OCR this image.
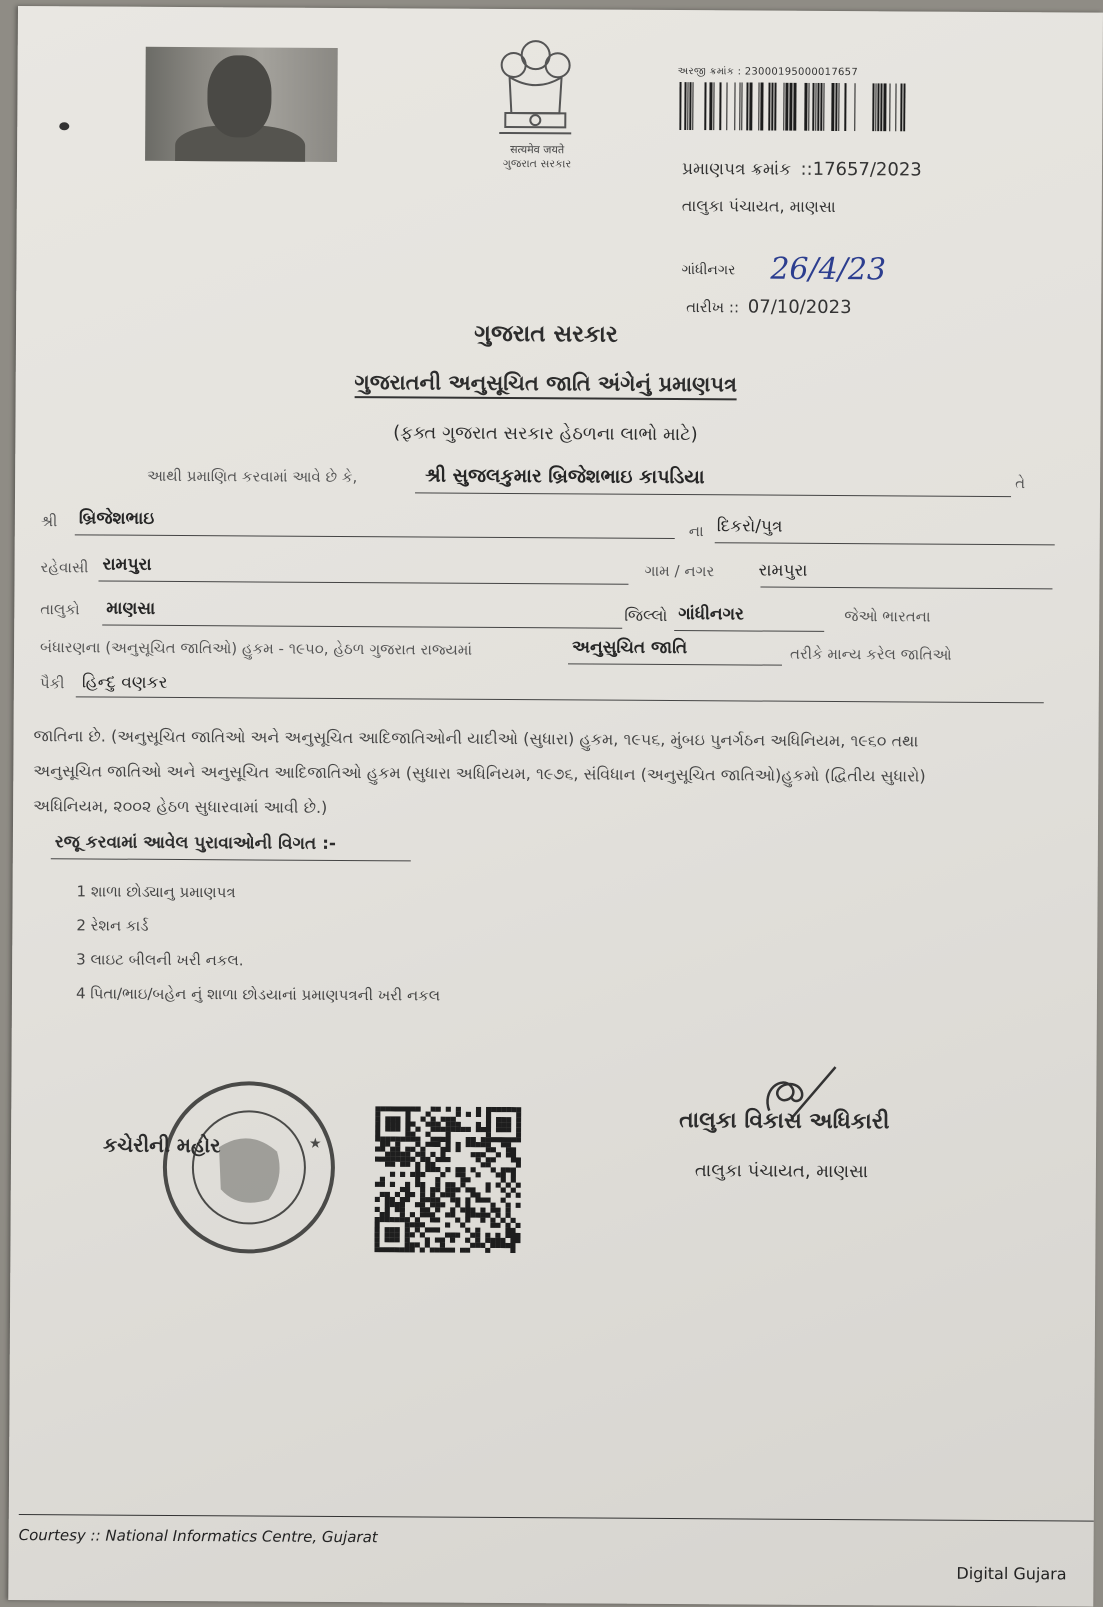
सत्यमेव जयते
ગુજરાત સરકાર
અરજી ક્રમાંક : 23000195000017657
પ્રમાણપત્ર ક્રમાંક ::17657/2023
તાલુકા પંચાયત, માણસા
ગાંધીનગર 26/4/23
તારીખ :: 07/10/2023
ગુજરાત સરકાર
ગુજરાતની અનુસૂચિત જાતિ અંગેનું પ્રમાણપત્ર
(ફક્ત ગુજરાત સરકાર હેઠળના લાભો માટે)
આથી પ્રમાણિત કરવામાં આવે છે કે,	શ્રી સુજલકુમાર બ્રિજેશભાઇ કાપડિયા	તે
શ્રી બ્રિજેશભાઇ
ના દિકરો/પુત્ર
રહેવાસી રામપુરા	ગામ / નગર	રામપુરા
તાલુકો માણસા	જિલ્લો ગાંધીનગર	જેઓ ભારતના
બંધારણના (અનુસૂચિત જાતિઓ) હુકમ - ૧૯૫૦, હેઠળ ગુજરાત રાજ્યમાં	અનુસુચિત જાતિ	તરીકે માન્ય કરેલ જાતિઓ
પૈકી હિન્દુ વણકર
જાતિના છે. (અનુસૂચિત જાતિઓ અને અનુસૂચિત આદિજાતિઓની યાદીઓ (સુધારા) હુકમ, ૧૯૫૬, મુંબઇ પુનર્ગઠન અધિનિયમ, ૧૯૬૦ તથા
અનુસૂચિત જાતિઓ અને અનુસૂચિત આદિજાતિઓ હુકમ (સુધારા અધિનિયમ, ૧૯૭૬, સંવિધાન (અનુસૂચિત જાતિઓ)હુકમો (દ્વિતીય સુધારો)
અધિનિયમ, ૨૦૦૨ હેઠળ સુધારવામાં આવી છે.)
રજૂ કરવામાં આવેલ પુરાવાઓની વિગત :-
1 શાળા છોડ્યાનુ પ્રમાણપત્ર
2 રેશન કાર્ડ
3 લાઇટ બીલની ખરી નકલ.
4 પિતા/ભાઇ/બહેન નું શાળા છોડયાનાં પ્રમાણપત્રની ખરી નકલ
★
કચેરીની મહોર
તાલુકા વિકાસ અધિકારી
તાલુકા પંચાયત, માણસા
Courtesy :: National Informatics Centre, Gujarat
Digital Gujara
